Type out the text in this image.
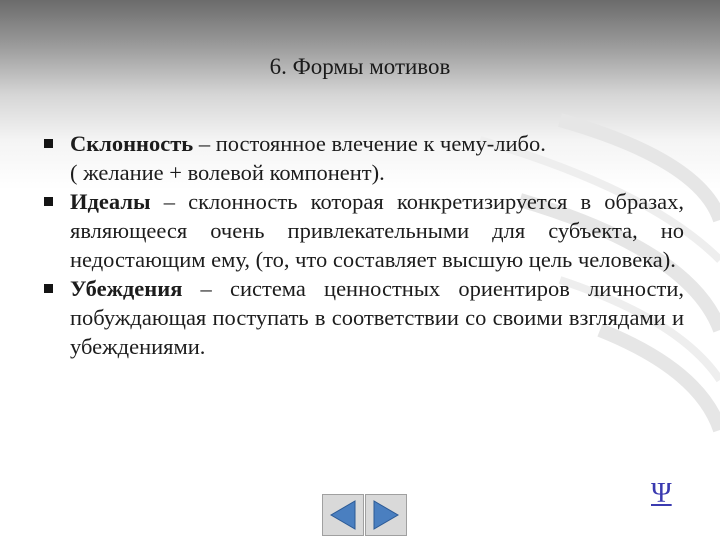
6. Формы мотивов
Склонность – постоянное влечение к чему-либо.
( желание + волевой компонент).
Идеалы – склонность которая конкретизируется в образах, являющееся очень привлекательными для субъекта, но недостающим ему, (то, что составляет высшую цель человека).
Убеждения – система ценностных ориентиров личности, побуждающая поступать в соответствии со своими взглядами и убеждениями.
Ψ
